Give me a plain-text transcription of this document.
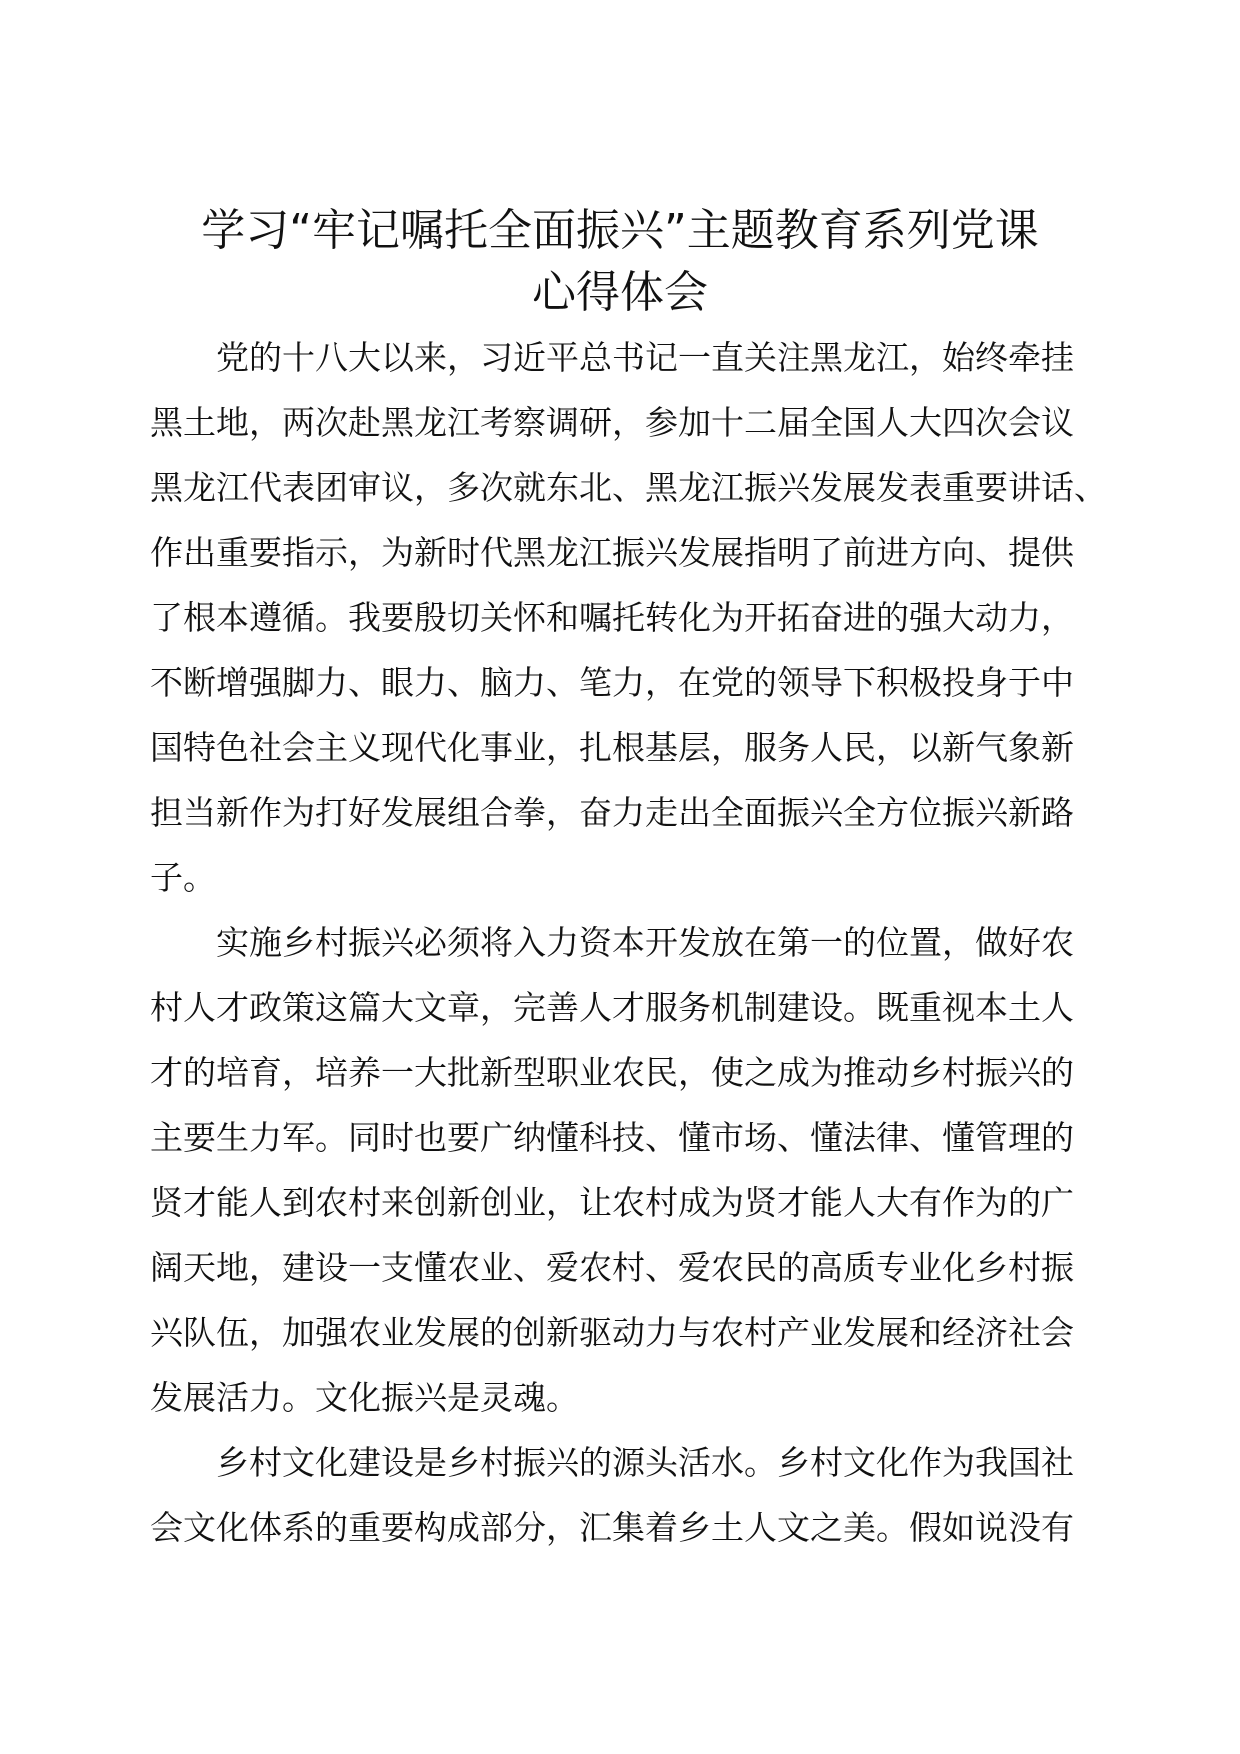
学习“牢记嘱托全面振兴”主题教育系列党课
心得体会

党的十八大以来，习近平总书记一直关注黑龙江，始终牵挂
黑土地，两次赴黑龙江考察调研，参加十二届全国人大四次会议
黑龙江代表团审议，多次就东北、黑龙江振兴发展发表重要讲话、
作出重要指示，为新时代黑龙江振兴发展指明了前进方向、提供
了根本遵循。我要殷切关怀和嘱托转化为开拓奋进的强大动力，
不断增强脚力、眼力、脑力、笔力，在党的领导下积极投身于中
国特色社会主义现代化事业，扎根基层，服务人民，以新气象新
担当新作为打好发展组合拳，奋力走出全面振兴全方位振兴新路
子。

实施乡村振兴必须将入力资本开发放在第一的位置，做好农
村人才政策这篇大文章，完善人才服务机制建设。既重视本土人
才的培育，培养一大批新型职业农民，使之成为推动乡村振兴的
主要生力军。同时也要广纳懂科技、懂市场、懂法律、懂管理的
贤才能人到农村来创新创业，让农村成为贤才能人大有作为的广
阔天地，建设一支懂农业、爱农村、爱农民的高质专业化乡村振
兴队伍，加强农业发展的创新驱动力与农村产业发展和经济社会
发展活力。文化振兴是灵魂。

乡村文化建设是乡村振兴的源头活水。乡村文化作为我国社
会文化体系的重要构成部分，汇集着乡土人文之美。假如说没有
